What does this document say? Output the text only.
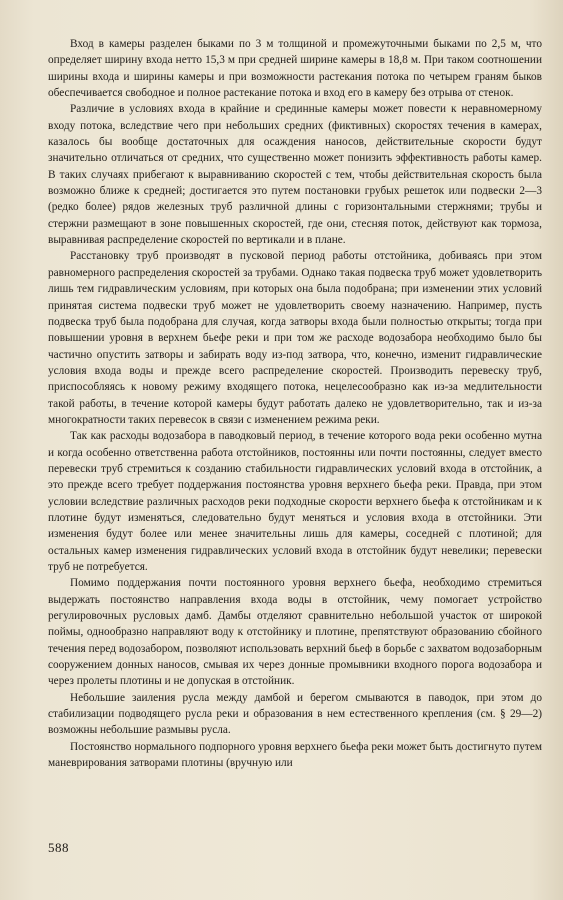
Вход в камеры разделен быками по 3 м толщиной и промежуточными быками по 2,5 м, что определяет ширину входа нетто 15,3 м при средней ширине камеры в 18,8 м. При таком соотношении ширины входа и ширины камеры и при возможности растекания потока по четырем граням быков обеспечивается свободное и полное растекание потока и вход его в камеру без отрыва от стенок.

Различие в условиях входа в крайние и срединные камеры может повести к неравномерному входу потока, вследствие чего при небольших средних (фиктивных) скоростях течения в камерах, казалось бы вообще достаточных для осаждения наносов, действительные скорости будут значительно отличаться от средних, что существенно может понизить эффективность работы камер. В таких случаях прибегают к выравниванию скоростей с тем, чтобы действительная скорость была возможно ближе к средней; достигается это путем постановки грубых решеток или подвески 2—3 (редко более) рядов железных труб различной длины с горизонтальными стержнями; трубы и стержни размещают в зоне повышенных скоростей, где они, стесняя поток, действуют как тормоза, выравнивая распределение скоростей по вертикали и в плане.

Расстановку труб производят в пусковой период работы отстойника, добиваясь при этом равномерного распределения скоростей за трубами. Однако такая подвеска труб может удовлетворить лишь тем гидравлическим условиям, при которых она была подобрана; при изменении этих условий принятая система подвески труб может не удовлетворить своему назначению. Например, пусть подвеска труб была подобрана для случая, когда затворы входа были полностью открыты; тогда при повышении уровня в верхнем бьефе реки и при том же расходе водозабора необходимо было бы частично опустить затворы и забирать воду из-под затвора, что, конечно, изменит гидравлические условия входа воды и прежде всего распределение скоростей. Производить перевеску труб, приспособляясь к новому режиму входящего потока, нецелесообразно как из-за медлительности такой работы, в течение которой камеры будут работать далеко не удовлетворительно, так и из-за многократности таких перевесок в связи с изменением режима реки.

Так как расходы водозабора в паводковый период, в течение которого вода реки особенно мутна и когда особенно ответственна работа отстойников, постоянны или почти постоянны, следует вместо перевески труб стремиться к созданию стабильности гидравлических условий входа в отстойник, а это прежде всего требует поддержания постоянства уровня верхнего бьефа реки. Правда, при этом условии вследствие различных расходов реки подходные скорости верхнего бьефа к отстойникам и к плотине будут изменяться, следовательно будут меняться и условия входа в отстойники. Эти изменения будут более или менее значительны лишь для камеры, соседней с плотиной; для остальных камер изменения гидравлических условий входа в отстойник будут невелики; перевески труб не потребуется.

Помимо поддержания почти постоянного уровня верхнего бьефа, необходимо стремиться выдержать постоянство направления входа воды в отстойник, чему помогает устройство регулировочных русловых дамб. Дамбы отделяют сравнительно небольшой участок от широкой поймы, однообразно направляют воду к отстойнику и плотине, препятствуют образованию сбойного течения перед водозабором, позволяют использовать верхний бьеф в борьбе с захватом водозаборным сооружением донных наносов, смывая их через донные промывники входного порога водозабора и через пролеты плотины и не допуская в отстойник.

Небольшие заиления русла между дамбой и берегом смываются в паводок, при этом до стабилизации подводящего русла реки и образования в нем естественного крепления (см. § 29—2) возможны небольшие размывы русла.

Постоянство нормального подпорного уровня верхнего бьефа реки может быть достигнуто путем маневрирования затворами плотины (вручную или

588
